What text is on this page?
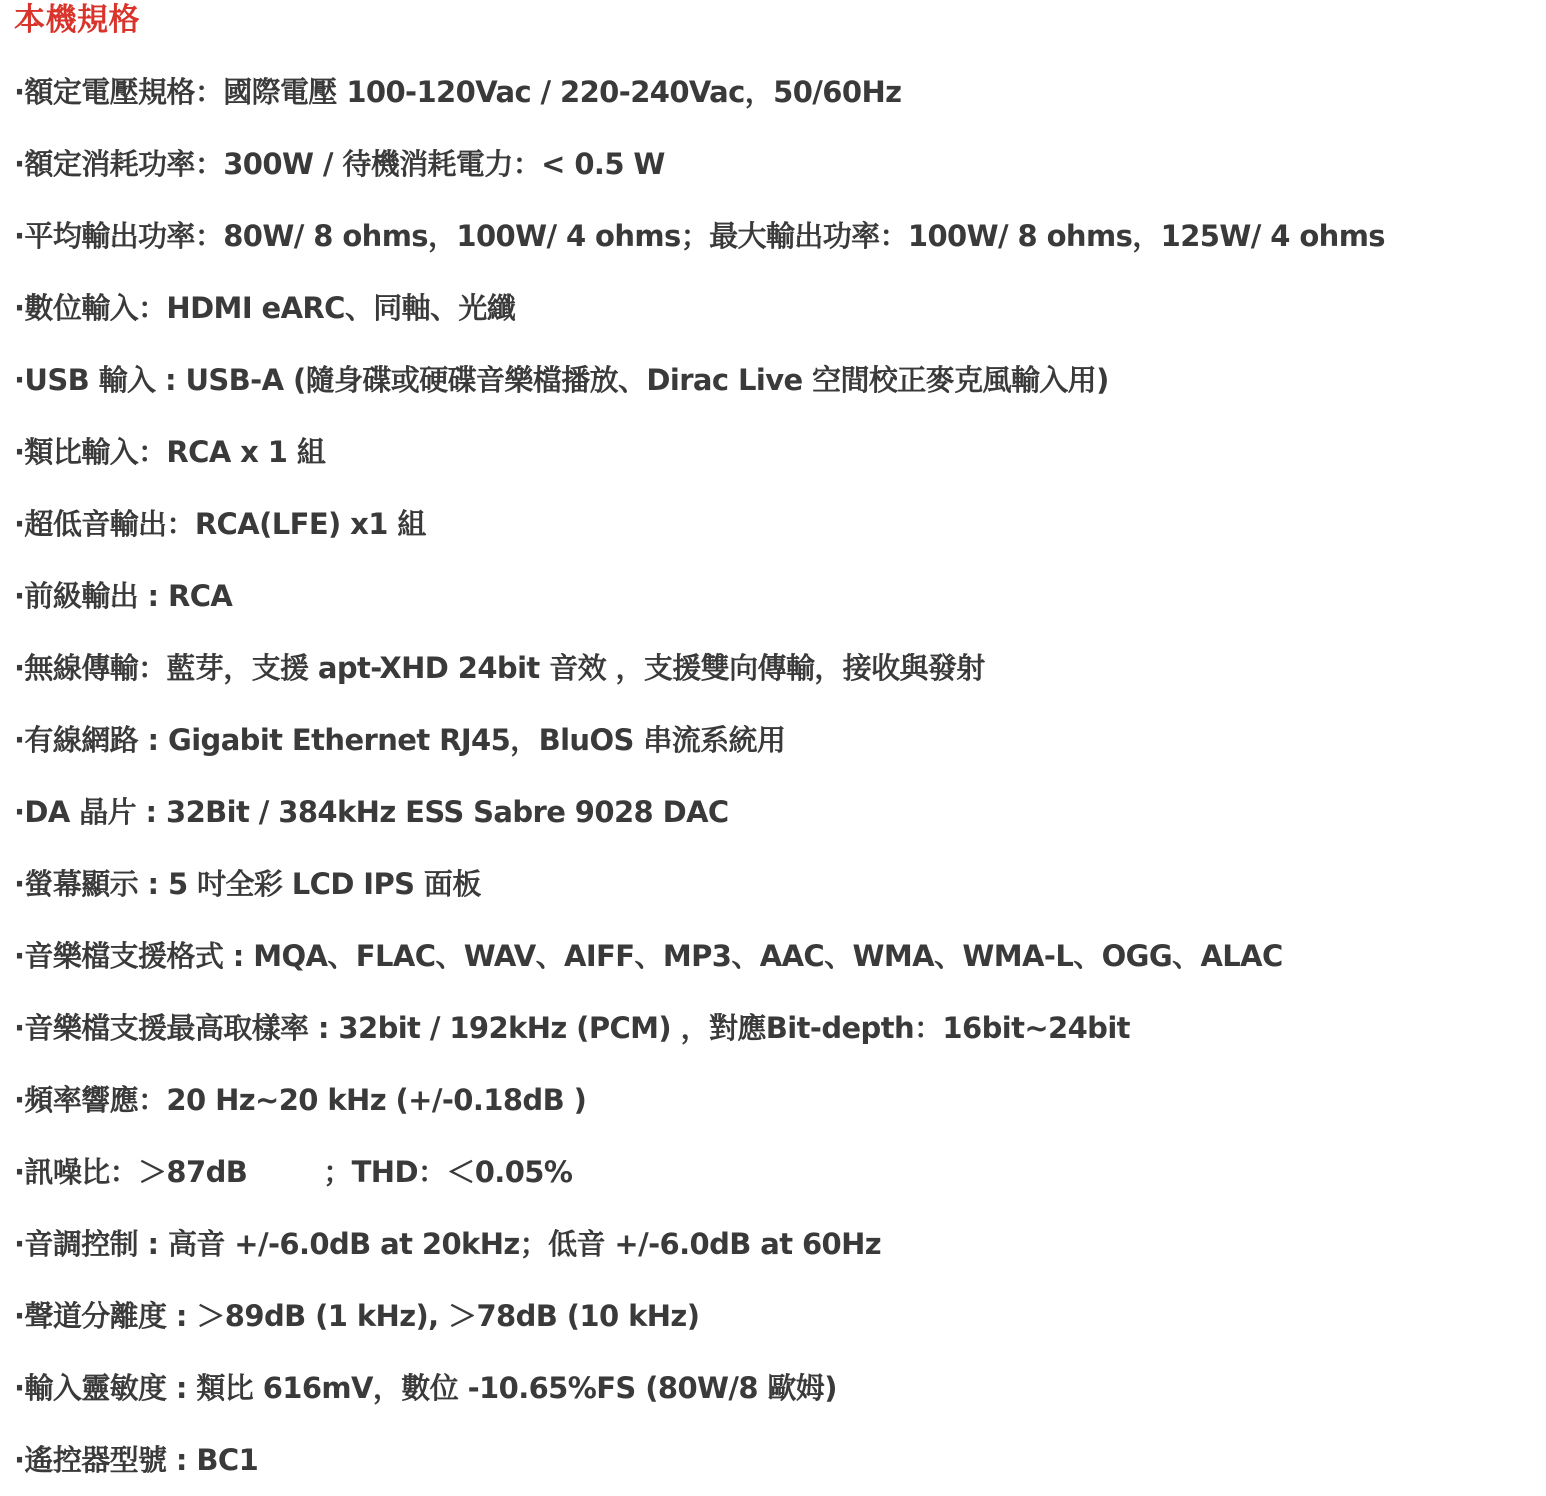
本機規格
·額定電壓規格：國際電壓 100-120Vac / 220-240Vac，50/60Hz
·額定消耗功率：300W / 待機消耗電力：< 0.5 W
·平均輸出功率：80W/ 8 ohms，100W/ 4 ohms；最大輸出功率：100W/ 8 ohms，125W/ 4 ohms
·數位輸入：HDMI eARC、同軸、光纖
·USB 輸入 : USB-A (隨身碟或硬碟音樂檔播放、Dirac Live 空間校正麥克風輸入用)
·類比輸入：RCA x 1 組
·超低音輸出：RCA(LFE) x1 組
·前級輸出 : RCA
·無線傳輸：藍芽，支援 apt-XHD 24bit 音效 ，支援雙向傳輸，接收與發射
·有線網路 : Gigabit Ethernet RJ45，BluOS 串流系統用
·DA 晶片 : 32Bit / 384kHz ESS Sabre 9028 DAC
·螢幕顯示 : 5 吋全彩 LCD IPS 面板
·音樂檔支援格式 : MQA、FLAC、WAV、AIFF、MP3、AAC、WMA、WMA-L、OGG、ALAC
·音樂檔支援最高取樣率 : 32bit / 192kHz (PCM) ，對應Bit-depth：16bit~24bit
·頻率響應：20 Hz~20 kHz (+/-0.18dB )
·訊噪比：＞87dB        ；THD：＜0.05%
·音調控制 : 高音 +/-6.0dB at 20kHz；低音 +/-6.0dB at 60Hz
·聲道分離度 : ＞89dB (1 kHz), ＞78dB (10 kHz)
·輸入靈敏度 : 類比 616mV，數位 -10.65%FS (80W/8 歐姆)
·遙控器型號 : BC1
